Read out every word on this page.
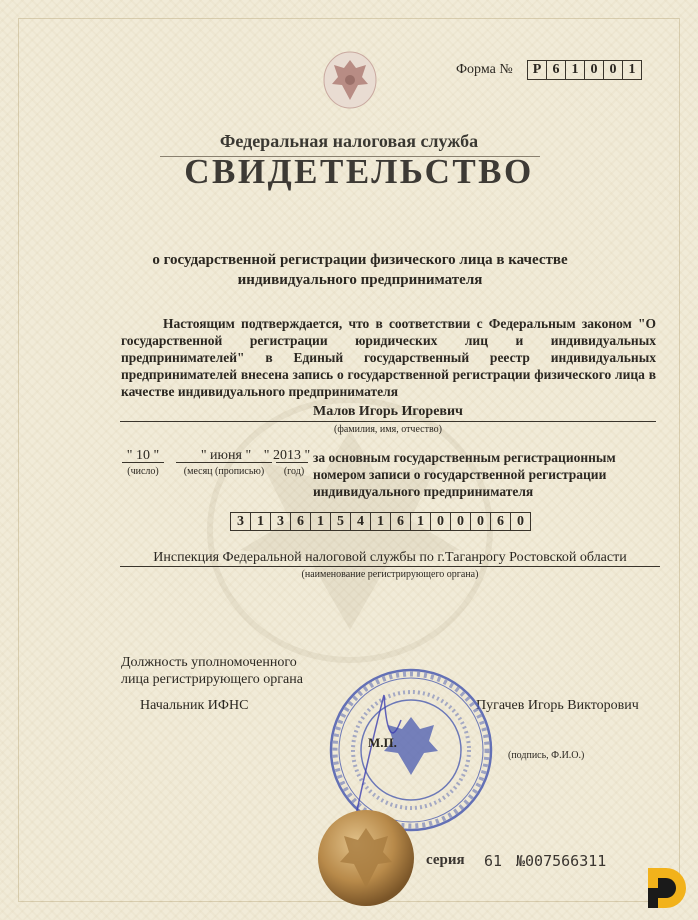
Форма №	Р 6 1 0 0 1
Федеральная налоговая служба
СВИДЕТЕЛЬСТВО
о государственной регистрации физического лица в качестве
индивидуального предпринимателя
Настоящим подтверждается, что в соответствии с Федеральным законом "О государственной регистрации юридических лиц и индивидуальных предпринимателей" в Единый государственный реестр индивидуальных предпринимателей внесена запись о государственной регистрации физического лица в качестве индивидуального предпринимателя
Малов Игорь Игоревич
(фамилия, имя, отчество)
" 10 "	" июня " " 2013 "
(число)	(месяц (прописью)	(год)
за основным государственным регистрационным номером записи о государственной регистрации индивидуального предпринимателя
3 1 3 6 1 5 4 1 6 1 0 0 0 6 0
Инспекция Федеральной налоговой службы по г.Таганрогу Ростовской области
(наименование регистрирующего органа)
Должность уполномоченного
лица регистрирующего органа
Начальник ИФНС	Пугачев Игорь Викторович
(подпись, Ф.И.О.)
М.П.
серия 61 №007566311
